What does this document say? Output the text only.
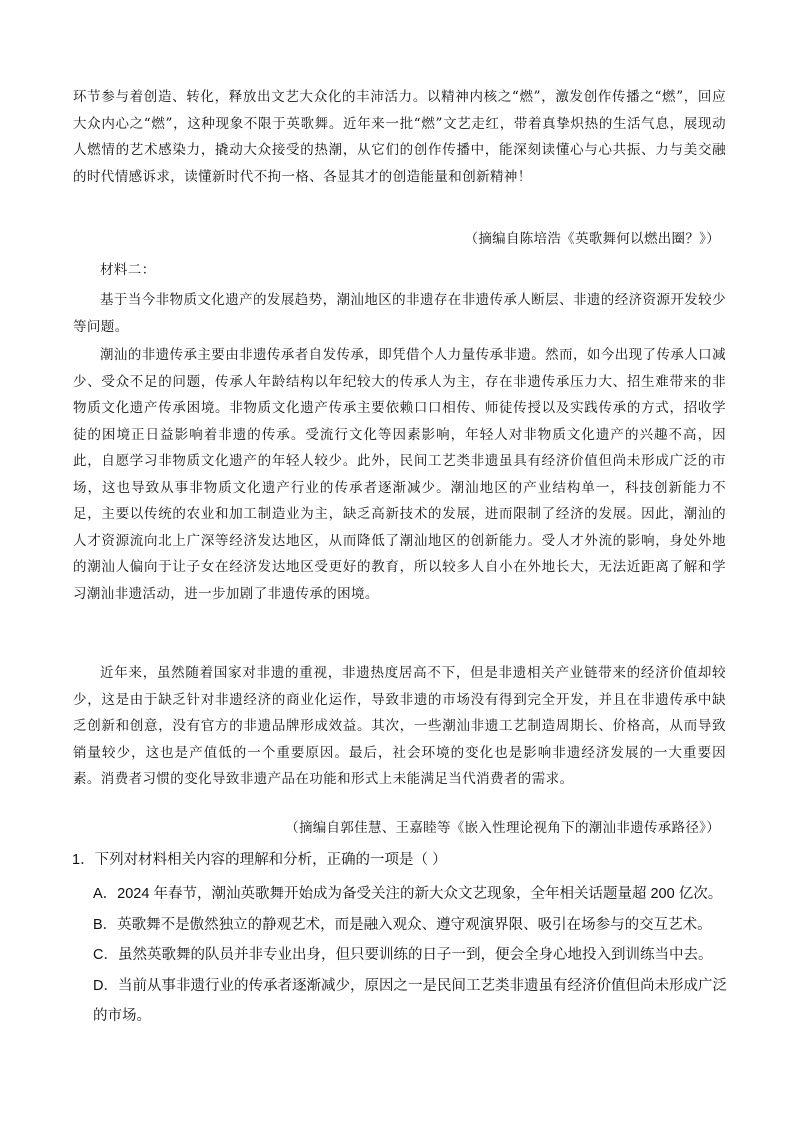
环节参与着创造、转化，释放出文艺大众化的丰沛活力。以精神内核之“燃”，激发创作传播之“燃”，回应大众内心之“燃”，这种现象不限于英歌舞。近年来一批“燃”文艺走红，带着真挚炽热的生活气息，展现动人燃情的艺术感染力，撬动大众接受的热潮，从它们的创作传播中，能深刻读懂心与心共振、力与美交融的时代情感诉求，读懂新时代不拘一格、各显其才的创造能量和创新精神！

（摘编自陈培浩《英歌舞何以燃出圈？》）

材料二：

基于当今非物质文化遗产的发展趋势，潮汕地区的非遗存在非遗传承人断层、非遗的经济资源开发较少等问题。

潮汕的非遗传承主要由非遗传承者自发传承，即凭借个人力量传承非遗。然而，如今出现了传承人口减少、受众不足的问题，传承人年龄结构以年纪较大的传承人为主，存在非遗传承压力大、招生难带来的非物质文化遗产传承困境。非物质文化遗产传承主要依赖口口相传、师徒传授以及实践传承的方式，招收学徒的困境正日益影响着非遗的传承。受流行文化等因素影响，年轻人对非物质文化遗产的兴趣不高，因此，自愿学习非物质文化遗产的年轻人较少。此外，民间工艺类非遗虽具有经济价值但尚未形成广泛的市场，这也导致从事非物质文化遗产行业的传承者逐渐减少。潮汕地区的产业结构单一，科技创新能力不足，主要以传统的农业和加工制造业为主，缺乏高新技术的发展，进而限制了经济的发展。因此，潮汕的人才资源流向北上广深等经济发达地区，从而降低了潮汕地区的创新能力。受人才外流的影响，身处外地的潮汕人偏向于让子女在经济发达地区受更好的教育，所以较多人自小在外地长大，无法近距离了解和学习潮汕非遗活动，进一步加剧了非遗传承的困境。

近年来，虽然随着国家对非遗的重视，非遗热度居高不下，但是非遗相关产业链带来的经济价值却较少，这是由于缺乏针对非遗经济的商业化运作，导致非遗的市场没有得到完全开发，并且在非遗传承中缺乏创新和创意，没有官方的非遗品牌形成效益。其次，一些潮汕非遗工艺制造周期长、价格高，从而导致销量较少，这也是产值低的一个重要原因。最后，社会环境的变化也是影响非遗经济发展的一大重要因素。消费者习惯的变化导致非遗产品在功能和形式上未能满足当代消费者的需求。

（摘编自郭佳慧、王嘉睦等《嵌入性理论视角下的潮汕非遗传承路径》）
1．下列对材料相关内容的理解和分析，正确的一项是（ ）
A．2024 年春节，潮汕英歌舞开始成为备受关注的新大众文艺现象，全年相关话题量超 200 亿次。
B．英歌舞不是傲然独立的静观艺术，而是融入观众、遵守观演界限、吸引在场参与的交互艺术。
C．虽然英歌舞的队员并非专业出身，但只要训练的日子一到，便会全身心地投入到训练当中去。
D．当前从事非遗行业的传承者逐渐减少，原因之一是民间工艺类非遗虽有经济价值但尚未形成广泛的市场。
